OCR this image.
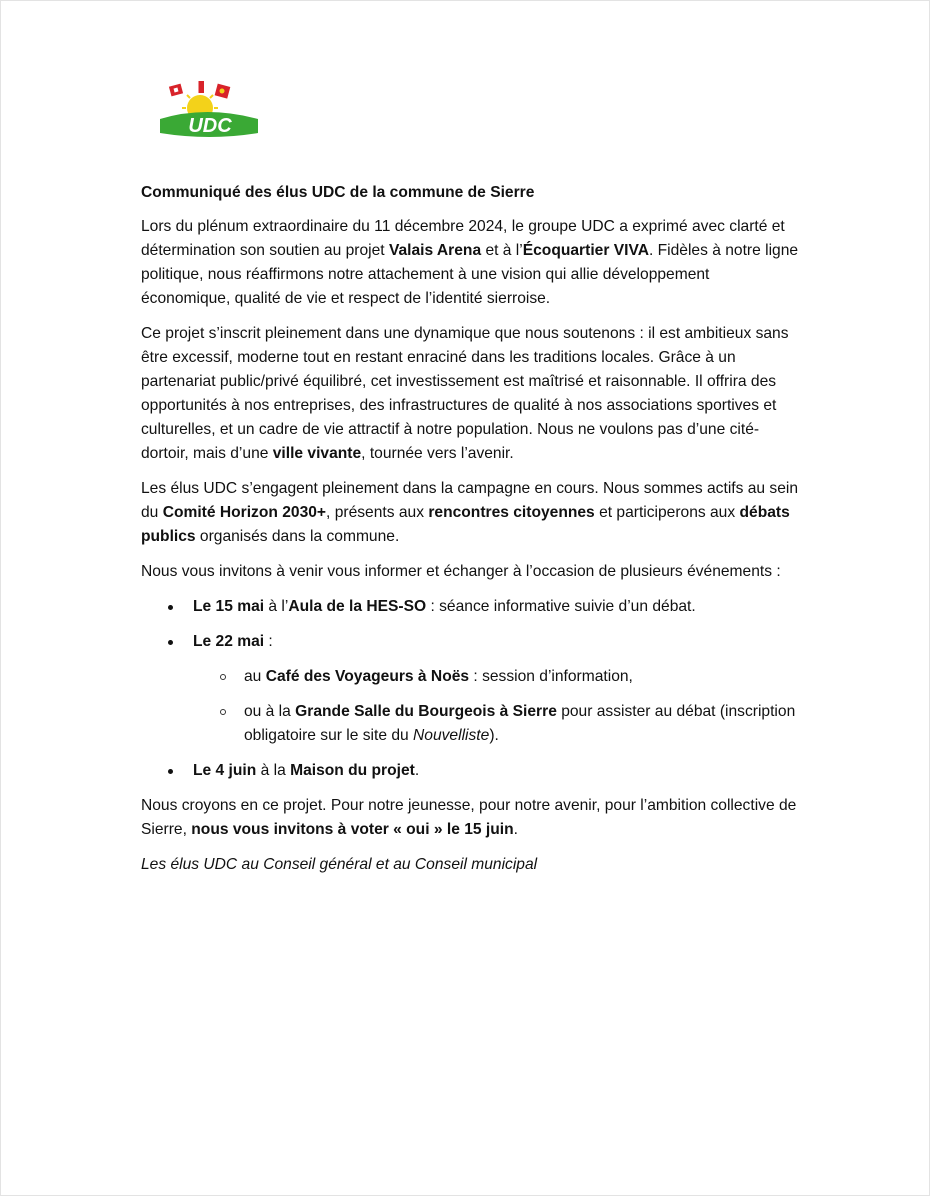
UDC

Communiqué des élus UDC de la commune de Sierre

Lors du plénum extraordinaire du 11 décembre 2024, le groupe UDC a exprimé avec clarté et détermination son soutien au projet Valais Arena et à l’Écoquartier VIVA. Fidèles à notre ligne politique, nous réaffirmons notre attachement à une vision qui allie développement économique, qualité de vie et respect de l’identité sierroise.

Ce projet s’inscrit pleinement dans une dynamique que nous soutenons : il est ambitieux sans être excessif, moderne tout en restant enraciné dans les traditions locales. Grâce à un partenariat public/privé équilibré, cet investissement est maîtrisé et raisonnable. Il offrira des opportunités à nos entreprises, des infrastructures de qualité à nos associations sportives et culturelles, et un cadre de vie attractif à notre population. Nous ne voulons pas d’une cité-dortoir, mais d’une ville vivante, tournée vers l’avenir.

Les élus UDC s’engagent pleinement dans la campagne en cours. Nous sommes actifs au sein du Comité Horizon 2030+, présents aux rencontres citoyennes et participerons aux débats publics organisés dans la commune.

Nous vous invitons à venir vous informer et échanger à l’occasion de plusieurs événements :

Le 15 mai à l’Aula de la HES-SO : séance informative suivie d’un débat.
Le 22 mai :
au Café des Voyageurs à Noës : session d’information,
ou à la Grande Salle du Bourgeois à Sierre pour assister au débat (inscription obligatoire sur le site du Nouvelliste).
Le 4 juin à la Maison du projet.

Nous croyons en ce projet. Pour notre jeunesse, pour notre avenir, pour l’ambition collective de Sierre, nous vous invitons à voter « oui » le 15 juin.

Les élus UDC au Conseil général et au Conseil municipal
